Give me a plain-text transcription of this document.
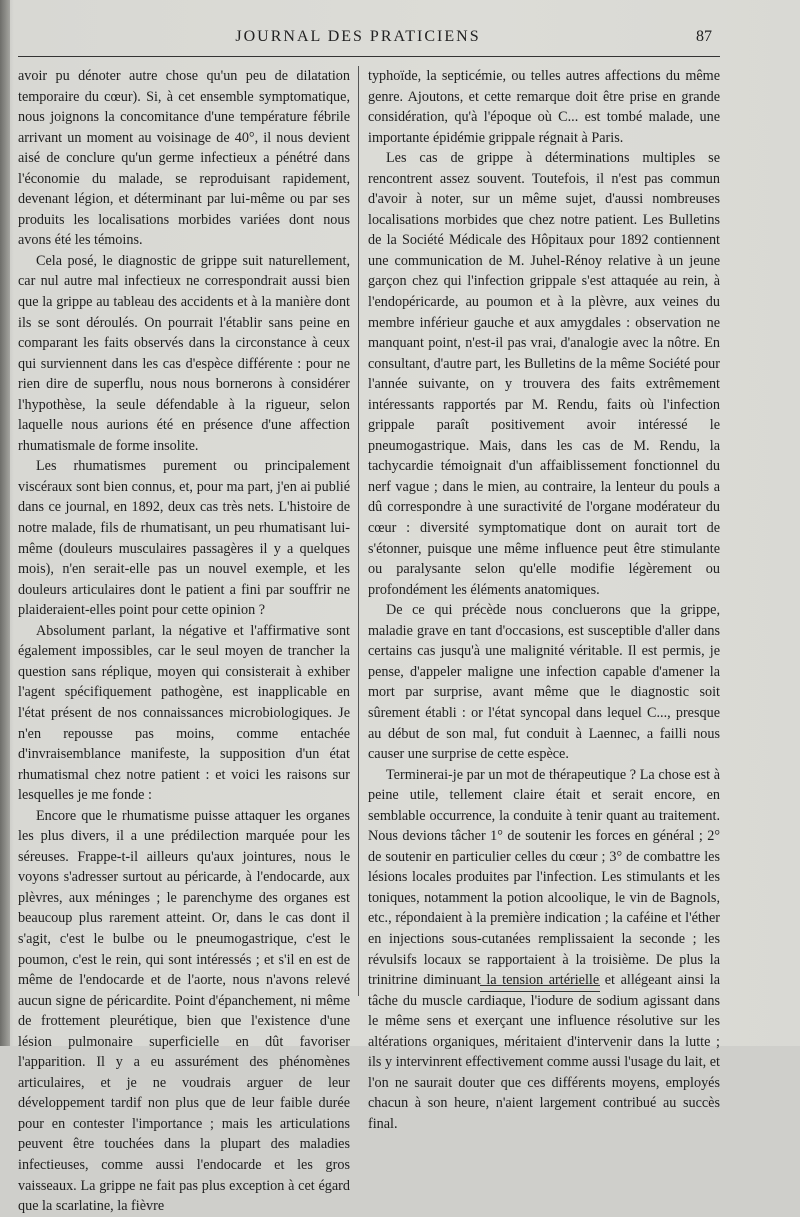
JOURNAL DES PRATICIENS	87

avoir pu dénoter autre chose qu'un peu de dilatation temporaire du cœur). Si, à cet ensemble symptomatique, nous joignons la concomitance d'une température fébrile arrivant un moment au voisinage de 40°, il nous devient aisé de conclure qu'un germe infectieux a pénétré dans l'économie du malade, se reproduisant rapidement, devenant légion, et déterminant par lui-même ou par ses produits les localisations morbides variées dont nous avons été les témoins.

Cela posé, le diagnostic de grippe suit naturellement, car nul autre mal infectieux ne correspondrait aussi bien que la grippe au tableau des accidents et à la manière dont ils se sont déroulés. On pourrait l'établir sans peine en comparant les faits observés dans la circonstance à ceux qui surviennent dans les cas d'espèce différente : pour ne rien dire de superflu, nous nous bornerons à considérer l'hypothèse, la seule défendable à la rigueur, selon laquelle nous aurions été en présence d'une affection rhumatismale de forme insolite.

Les rhumatismes purement ou principalement viscéraux sont bien connus, et, pour ma part, j'en ai publié dans ce journal, en 1892, deux cas très nets. L'histoire de notre malade, fils de rhumatisant, un peu rhumatisant lui-même (douleurs musculaires passagères il y a quelques mois), n'en serait-elle pas un nouvel exemple, et les douleurs articulaires dont le patient a fini par souffrir ne plaideraient-elles point pour cette opinion ?

Absolument parlant, la négative et l'affirmative sont également impossibles, car le seul moyen de trancher la question sans réplique, moyen qui consisterait à exhiber l'agent spécifiquement pathogène, est inapplicable en l'état présent de nos connaissances microbiologiques. Je n'en repousse pas moins, comme entachée d'invraisemblance manifeste, la supposition d'un état rhumatismal chez notre patient : et voici les raisons sur lesquelles je me fonde :

Encore que le rhumatisme puisse attaquer les organes les plus divers, il a une prédilection marquée pour les séreuses. Frappe-t-il ailleurs qu'aux jointures, nous le voyons s'adresser surtout au péricarde, à l'endocarde, aux plèvres, aux méninges ; le parenchyme des organes est beaucoup plus rarement atteint. Or, dans le cas dont il s'agit, c'est le bulbe ou le pneumogastrique, c'est le poumon, c'est le rein, qui sont intéressés ; et s'il en est de même de l'endocarde et de l'aorte, nous n'avons relevé aucun signe de péricardite. Point d'épanchement, ni même de frottement pleurétique, bien que l'existence d'une lésion pulmonaire superficielle en dût favoriser l'apparition. Il y a eu assurément des phénomènes articulaires, et je ne voudrais arguer de leur développement tardif non plus que de leur faible durée pour en contester l'importance ; mais les articulations peuvent être touchées dans la plupart des maladies infectieuses, comme aussi l'endocarde et les gros vaisseaux. La grippe ne fait pas plus exception à cet égard que la scarlatine, la fièvre

typhoïde, la septicémie, ou telles autres affections du même genre. Ajoutons, et cette remarque doit être prise en grande considération, qu'à l'époque où C... est tombé malade, une importante épidémie grippale régnait à Paris.

Les cas de grippe à déterminations multiples se rencontrent assez souvent. Toutefois, il n'est pas commun d'avoir à noter, sur un même sujet, d'aussi nombreuses localisations morbides que chez notre patient. Les Bulletins de la Société Médicale des Hôpitaux pour 1892 contiennent une communication de M. Juhel-Rénoy relative à un jeune garçon chez qui l'infection grippale s'est attaquée au rein, à l'endopéricarde, au poumon et à la plèvre, aux veines du membre inférieur gauche et aux amygdales : observation ne manquant point, n'est-il pas vrai, d'analogie avec la nôtre. En consultant, d'autre part, les Bulletins de la même Société pour l'année suivante, on y trouvera des faits extrêmement intéressants rapportés par M. Rendu, faits où l'infection grippale paraît positivement avoir intéressé le pneumogastrique. Mais, dans les cas de M. Rendu, la tachycardie témoignait d'un affaiblissement fonctionnel du nerf vague ; dans le mien, au contraire, la lenteur du pouls a dû correspondre à une suractivité de l'organe modérateur du cœur : diversité symptomatique dont on aurait tort de s'étonner, puisque une même influence peut être stimulante ou paralysante selon qu'elle modifie légèrement ou profondément les éléments anatomiques.

De ce qui précède nous concluerons que la grippe, maladie grave en tant d'occasions, est susceptible d'aller dans certains cas jusqu'à une malignité véritable. Il est permis, je pense, d'appeler maligne une infection capable d'amener la mort par surprise, avant même que le diagnostic soit sûrement établi : or l'état syncopal dans lequel C..., presque au début de son mal, fut conduit à Laennec, a failli nous causer une surprise de cette espèce.

Terminerai-je par un mot de thérapeutique ? La chose est à peine utile, tellement claire était et serait encore, en semblable occurrence, la conduite à tenir quant au traitement. Nous devions tâcher 1° de soutenir les forces en général ; 2° de soutenir en particulier celles du cœur ; 3° de combattre les lésions locales produites par l'infection. Les stimulants et les toniques, notamment la potion alcoolique, le vin de Bagnols, etc., répondaient à la première indication ; la caféine et l'éther en injections sous-cutanées remplissaient la seconde ; les révulsifs locaux se rapportaient à la troisième. De plus la trinitrine diminuant la tension artérielle et allégeant ainsi la tâche du muscle cardiaque, l'iodure de sodium agissant dans le même sens et exerçant une influence résolutive sur les altérations organiques, méritaient d'intervenir dans la lutte ; ils y intervinrent effectivement comme aussi l'usage du lait, et l'on ne saurait douter que ces différents moyens, employés chacun à son heure, n'aient largement contribué au succès final.
